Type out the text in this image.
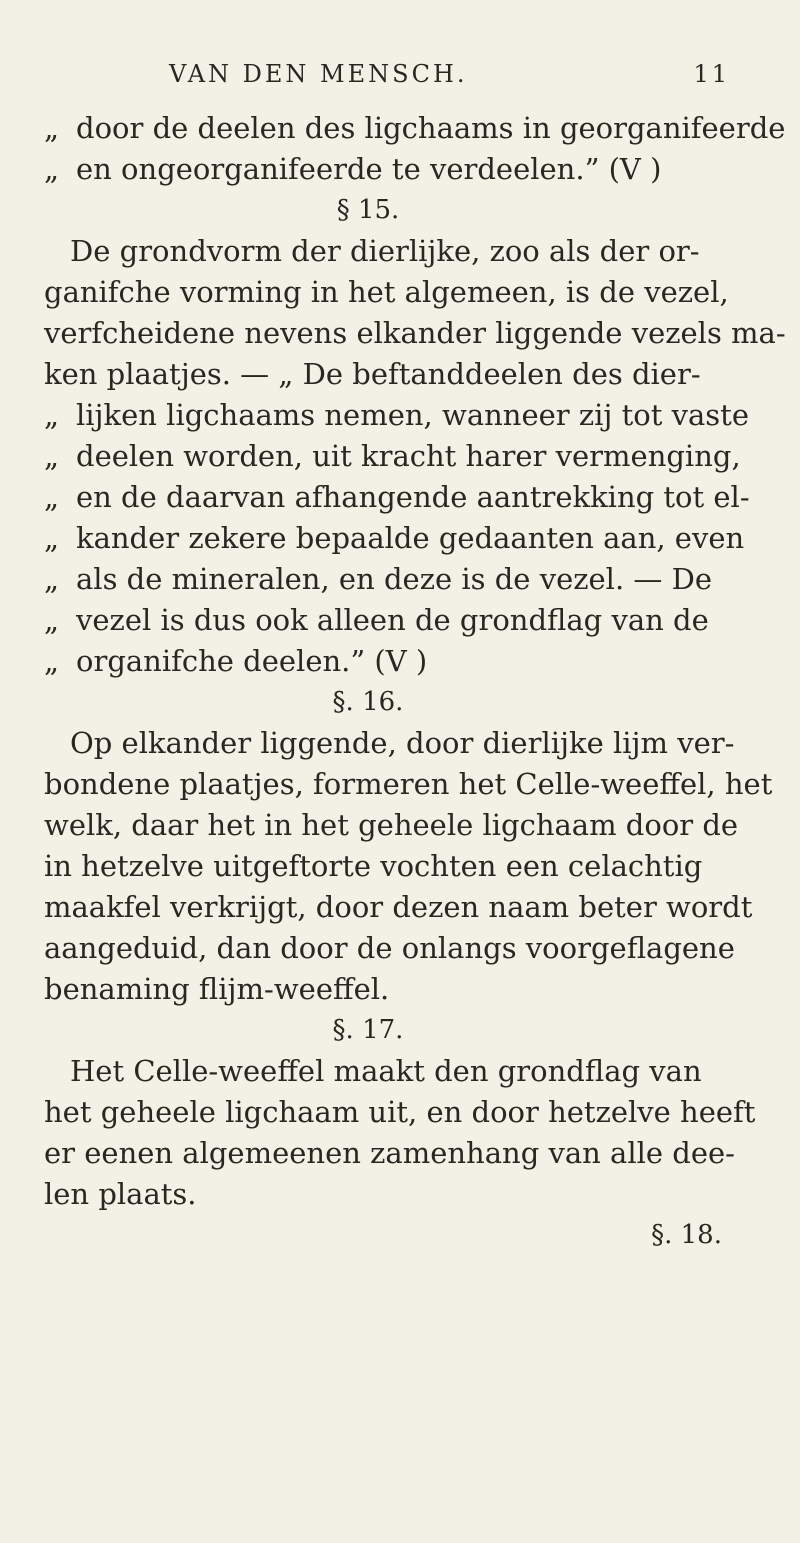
VAN DEN MENSCH.	11
„ door de deelen des ligchaams in georganifeerde
„ en ongeorganifeerde te verdeelen.” (V )
§ 15.
De grondvorm der dierlijke, zoo als der or-
ganifche vorming in het algemeen, is de vezel,
verfcheidene nevens elkander liggende vezels ma-
ken plaatjes. — „ De beftanddeelen des dier-
„ lijken ligchaams nemen, wanneer zij tot vaste
„ deelen worden, uit kracht harer vermenging,
„ en de daarvan afhangende aantrekking tot el-
„ kander zekere bepaalde gedaanten aan, even
„ als de mineralen, en deze is de vezel. — De
„ vezel is dus ook alleen de grondflag van de
„ organifche deelen.” (V )
§. 16.
Op elkander liggende, door dierlijke lijm ver-
bondene plaatjes, formeren het Celle-weeffel, het
welk, daar het in het geheele ligchaam door de
in hetzelve uitgeftorte vochten een celachtig
maakfel verkrijgt, door dezen naam beter wordt
aangeduid, dan door de onlangs voorgeflagene
benaming flijm-weeffel.
§. 17.
Het Celle-weeffel maakt den grondflag van
het geheele ligchaam uit, en door hetzelve heeft
er eenen algemeenen zamenhang van alle dee-
len plaats.
§. 18.
